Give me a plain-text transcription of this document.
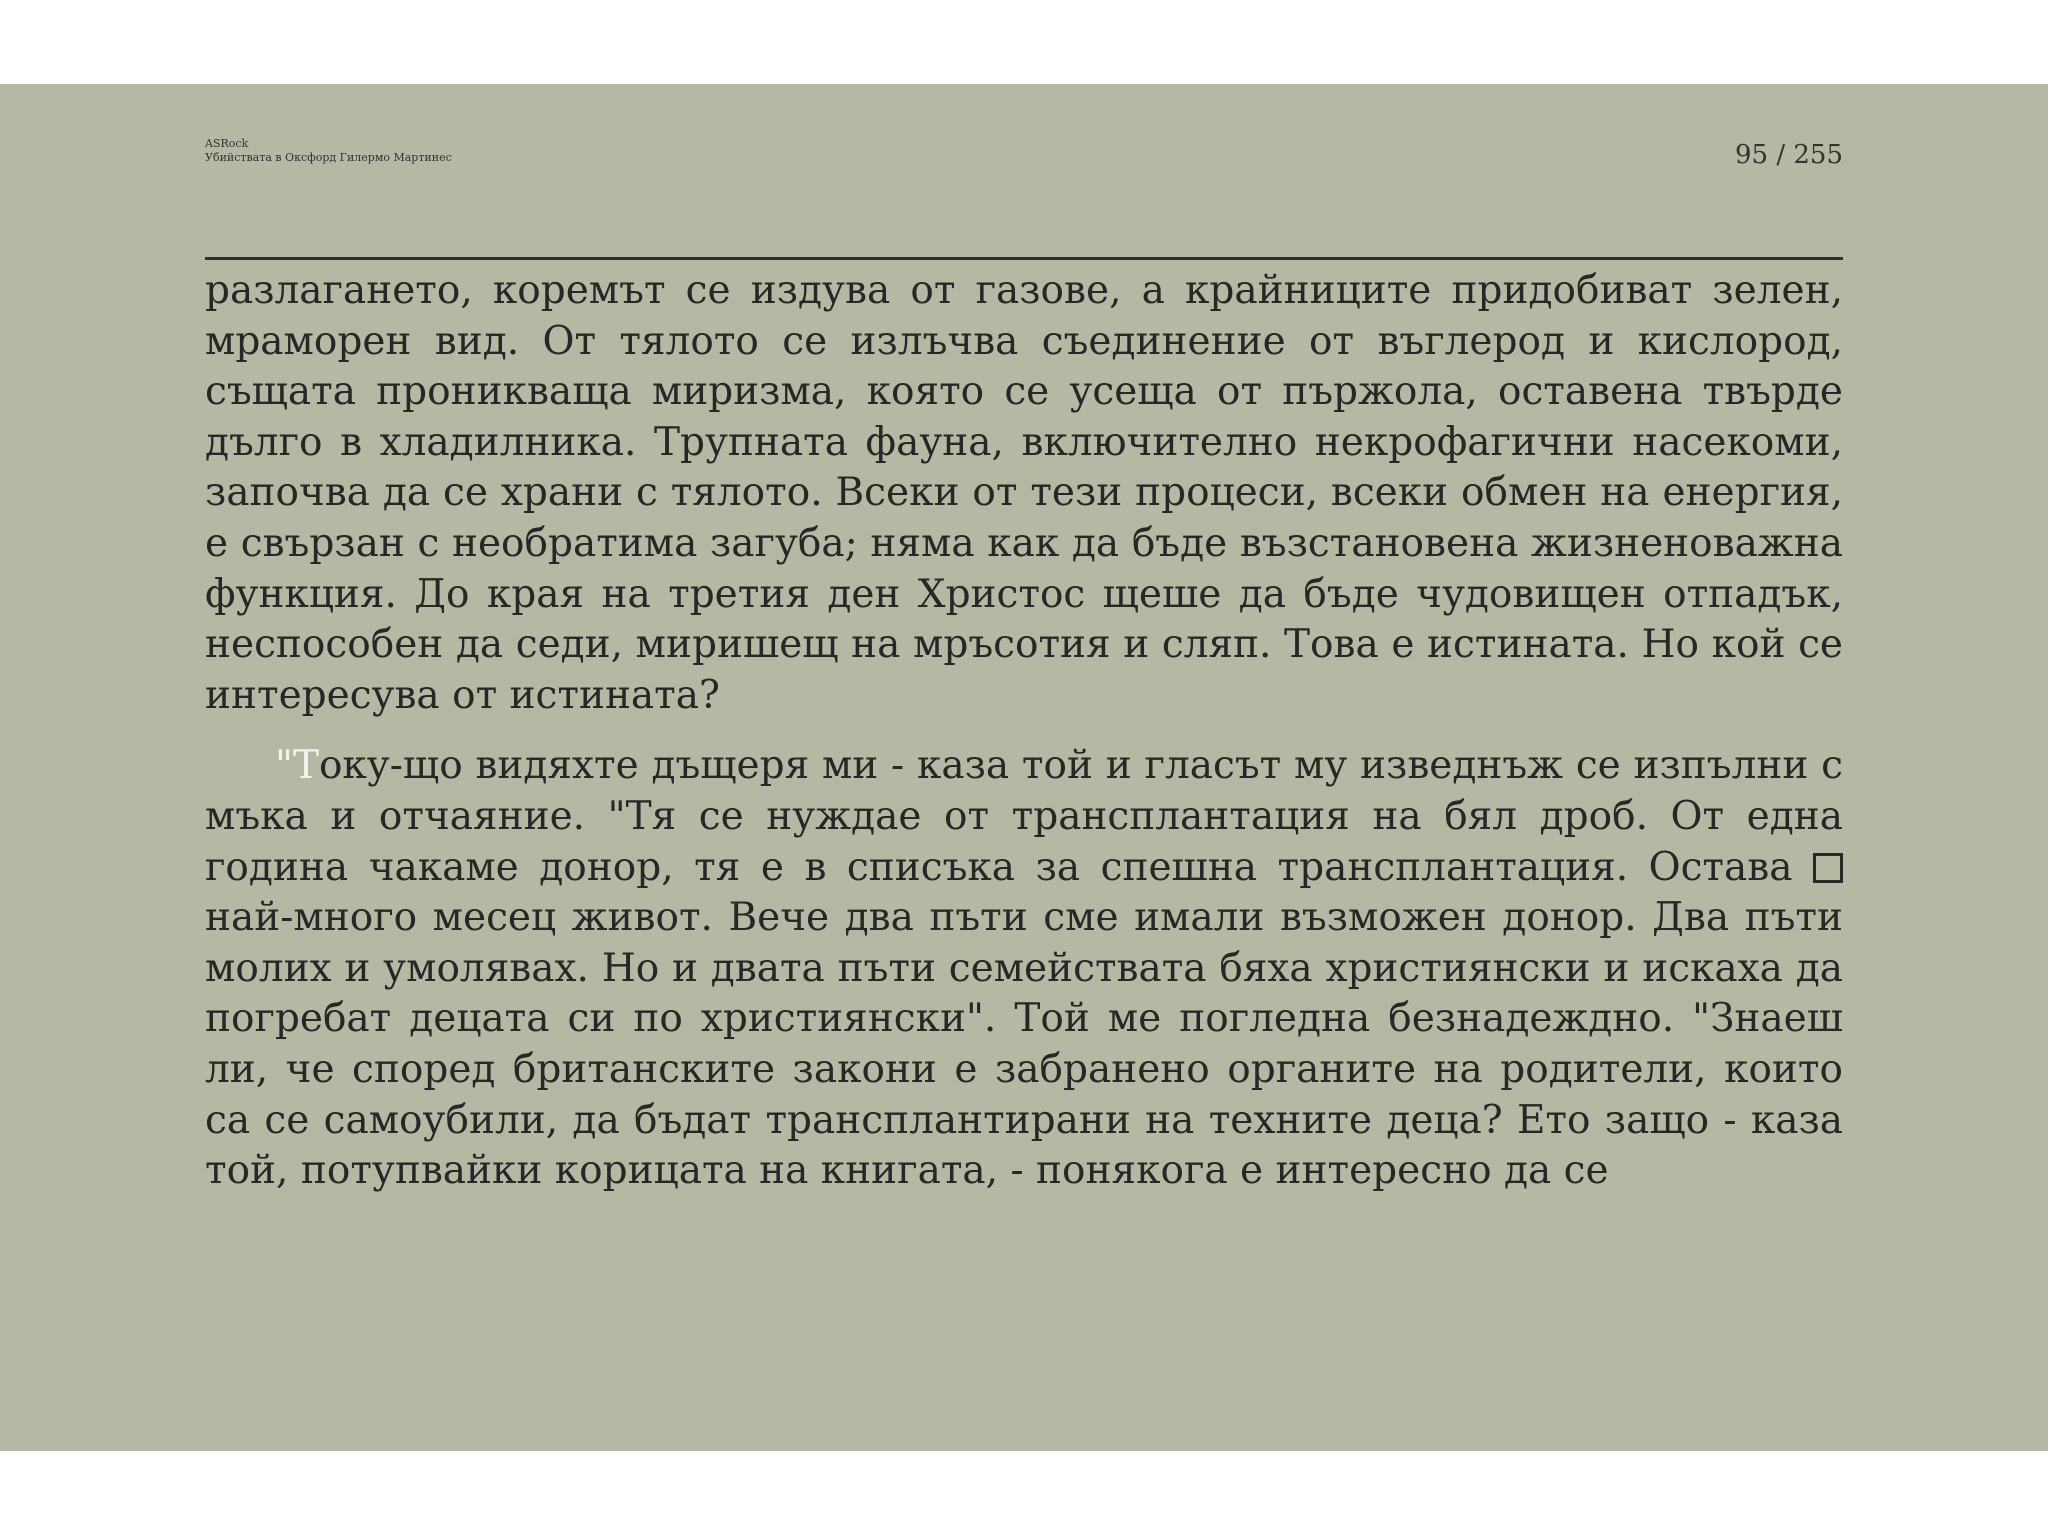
ASRock
Убийствата в Оксфорд Гилермо Мартинес	95 / 255

разлагането, коремът се издува от газове, а крайниците придобиват зелен, мраморен вид. От тялото се излъчва съединение от въглерод и кислород, същата проникваща миризма, която се усеща от пържола, оставена твърде дълго в хладилника. Трупната фауна, включително некрофагични насекоми, започва да се храни с тялото. Всеки от тези процеси, всеки обмен на енергия, е свързан с необратима загуба; няма как да бъде възстановена жизненоважна функция. До края на третия ден Христос щеше да бъде чудовищен отпадък, неспособен да седи, миришещ на мръсотия и сляп. Това е истината. Но кой се интересува от истината?

"Току-що видяхте дъщеря ми - каза той и гласът му изведнъж се изпълни с мъка и отчаяние. "Тя се нуждае от трансплантация на бял дроб. От една година чакаме донор, тя е в списъка за спешна трансплантация. Остава  най-много месец живот. Вече два пъти сме имали възможен донор. Два пъти молих и умолявах. Но и двата пъти семействата бяха християнски и искаха да погребат децата си по християнски". Той ме погледна безнадеждно. "Знаеш ли, че според британските закони е забранено органите на родители, които са се самоубили, да бъдат трансплантирани на техните деца? Ето защо - каза той, потупвайки корицата на книгата, - понякога е интересно да се
